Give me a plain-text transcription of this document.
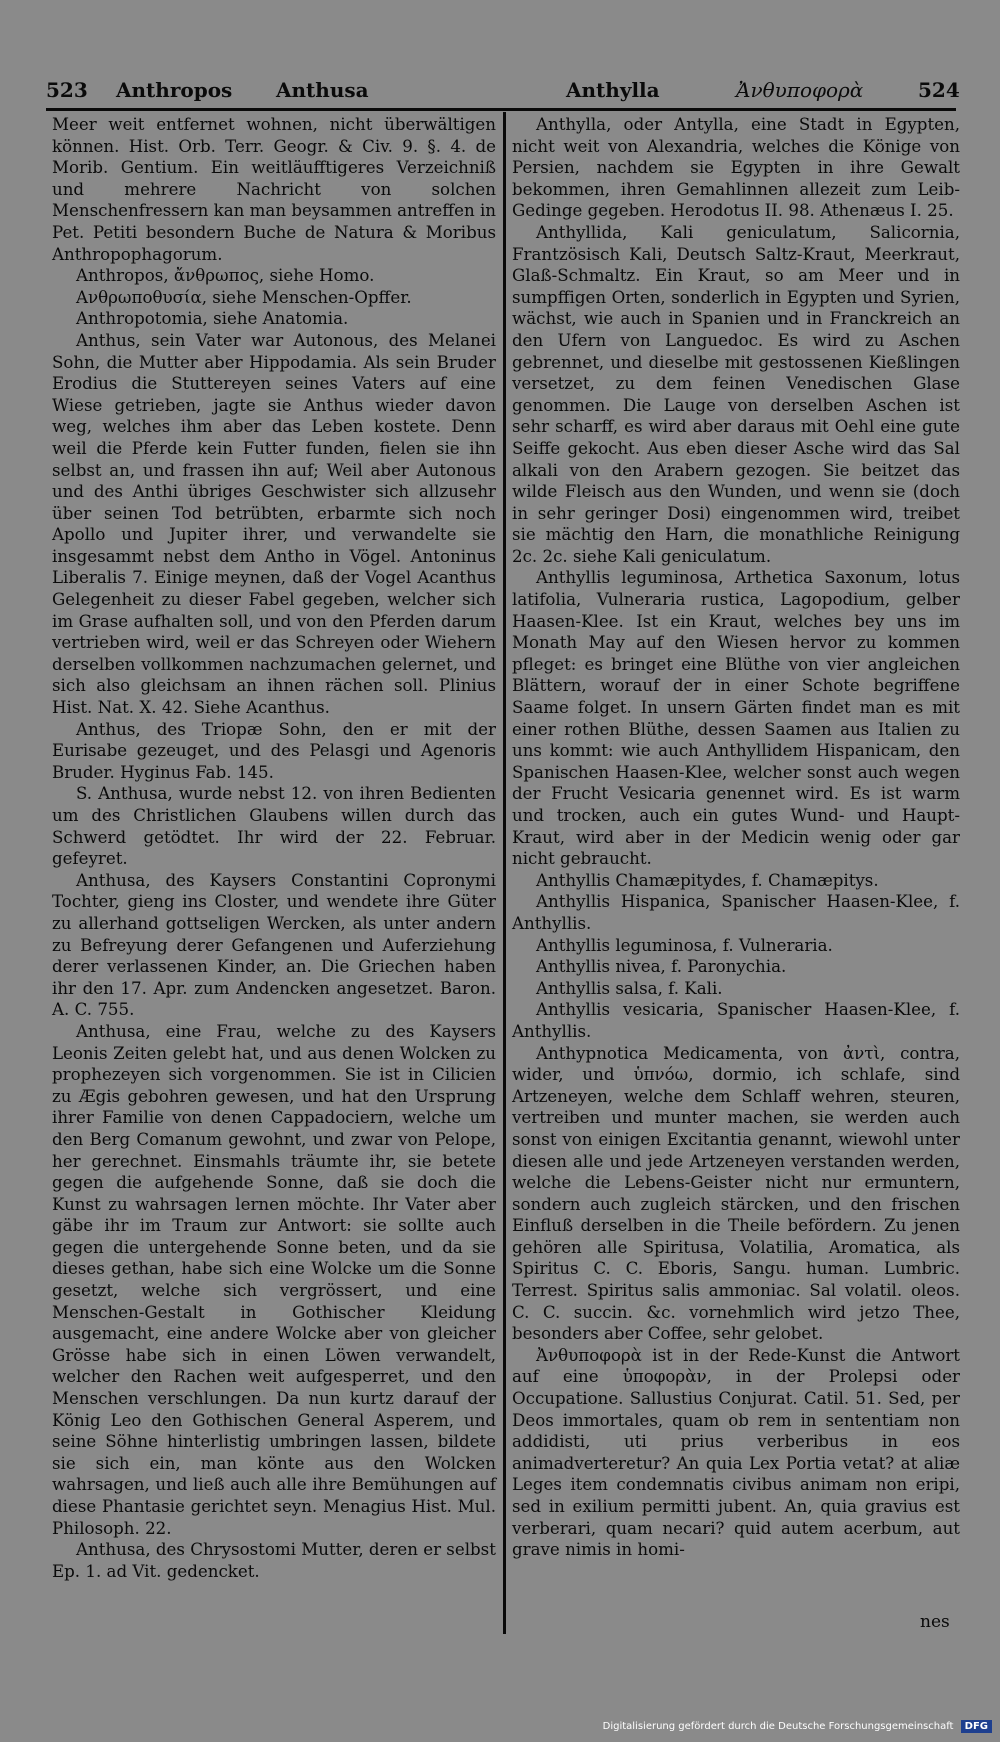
523 Anthropos Anthusa	Anthylla	Ἀνθυποφορὰ	524

Meer weit entfernet wohnen, nicht überwältigen können. Hist. Orb. Terr. Geogr. & Civ. 9. §. 4. de Morib. Gentium. Ein weitläufftigeres Verzeichniß und mehrere Nachricht von solchen Menschenfressern kan man beysammen antreffen in Pet. Petiti besondern Buche de Natura & Moribus Anthropophagorum.

Anthropos, ἄνθρωπος, siehe Homo.

Ανθρωποθυσία, siehe Menschen-Opffer.

Anthropotomia, siehe Anatomia.

Anthus, sein Vater war Autonous, des Melanei Sohn, die Mutter aber Hippodamia. Als sein Bruder Erodius die Stuttereyen seines Vaters auf eine Wiese getrieben, jagte sie Anthus wieder davon weg, welches ihm aber das Leben kostete. Denn weil die Pferde kein Futter funden, fielen sie ihn selbst an, und frassen ihn auf; Weil aber Autonous und des Anthi übriges Geschwister sich allzusehr über seinen Tod betrübten, erbarmte sich noch Apollo und Jupiter ihrer, und verwandelte sie insgesammt nebst dem Antho in Vögel. Antoninus Liberalis 7. Einige meynen, daß der Vogel Acanthus Gelegenheit zu dieser Fabel gegeben, welcher sich im Grase aufhalten soll, und von den Pferden darum vertrieben wird, weil er das Schreyen oder Wiehern derselben vollkommen nachzumachen gelernet, und sich also gleichsam an ihnen rächen soll. Plinius Hist. Nat. X. 42. Siehe Acanthus.

Anthus, des Triopæ Sohn, den er mit der Eurisabe gezeuget, und des Pelasgi und Agenoris Bruder. Hyginus Fab. 145.

S. Anthusa, wurde nebst 12. von ihren Bedienten um des Christlichen Glaubens willen durch das Schwerd getödtet. Ihr wird der 22. Februar. gefeyret.

Anthusa, des Kaysers Constantini Copronymi Tochter, gieng ins Closter, und wendete ihre Güter zu allerhand gottseligen Wercken, als unter andern zu Befreyung derer Gefangenen und Auferziehung derer verlassenen Kinder, an. Die Griechen haben ihr den 17. Apr. zum Andencken angesetzet. Baron. A. C. 755.

Anthusa, eine Frau, welche zu des Kaysers Leonis Zeiten gelebt hat, und aus denen Wolcken zu prophezeyen sich vorgenommen. Sie ist in Cilicien zu Ægis gebohren gewesen, und hat den Ursprung ihrer Familie von denen Cappadociern, welche um den Berg Comanum gewohnt, und zwar von Pelope, her gerechnet. Einsmahls träumte ihr, sie betete gegen die aufgehende Sonne, daß sie doch die Kunst zu wahrsagen lernen möchte. Ihr Vater aber gäbe ihr im Traum zur Antwort: sie sollte auch gegen die untergehende Sonne beten, und da sie dieses gethan, habe sich eine Wolcke um die Sonne gesetzt, welche sich vergrössert, und eine Menschen-Gestalt in Gothischer Kleidung ausgemacht, eine andere Wolcke aber von gleicher Grösse habe sich in einen Löwen verwandelt, welcher den Rachen weit aufgesperret, und den Menschen verschlungen. Da nun kurtz darauf der König Leo den Gothischen General Asperem, und seine Söhne hinterlistig umbringen lassen, bildete sie sich ein, man könte aus den Wolcken wahrsagen, und ließ auch alle ihre Bemühungen auf diese Phantasie gerichtet seyn. Menagius Hist. Mul. Philosoph. 22.

Anthusa, des Chrysostomi Mutter, deren er selbst Ep. 1. ad Vit. gedencket.

Anthylla, oder Antylla, eine Stadt in Egypten, nicht weit von Alexandria, welches die Könige von Persien, nachdem sie Egypten in ihre Gewalt bekommen, ihren Gemahlinnen allezeit zum Leib-Gedinge gegeben. Herodotus II. 98. Athenæus I. 25.

Anthyllida, Kali geniculatum, Salicornia, Frantzösisch Kali, Deutsch Saltz-Kraut, Meerkraut, Glaß-Schmaltz. Ein Kraut, so am Meer und in sumpffigen Orten, sonderlich in Egypten und Syrien, wächst, wie auch in Spanien und in Franckreich an den Ufern von Languedoc. Es wird zu Aschen gebrennet, und dieselbe mit gestossenen Kießlingen versetzet, zu dem feinen Venedischen Glase genommen. Die Lauge von derselben Aschen ist sehr scharff, es wird aber daraus mit Oehl eine gute Seiffe gekocht. Aus eben dieser Asche wird das Sal alkali von den Arabern gezogen. Sie beitzet das wilde Fleisch aus den Wunden, und wenn sie (doch in sehr geringer Dosi) eingenommen wird, treibet sie mächtig den Harn, die monathliche Reinigung 2c. 2c. siehe Kali geniculatum.

Anthyllis leguminosa, Arthetica Saxonum, lotus latifolia, Vulneraria rustica, Lagopodium, gelber Haasen-Klee. Ist ein Kraut, welches bey uns im Monath May auf den Wiesen hervor zu kommen pfleget: es bringet eine Blüthe von vier angleichen Blättern, worauf der in einer Schote begriffene Saame folget. In unsern Gärten findet man es mit einer rothen Blüthe, dessen Saamen aus Italien zu uns kommt: wie auch Anthyllidem Hispanicam, den Spanischen Haasen-Klee, welcher sonst auch wegen der Frucht Vesicaria genennet wird. Es ist warm und trocken, auch ein gutes Wund- und Haupt-Kraut, wird aber in der Medicin wenig oder gar nicht gebraucht.

Anthyllis Chamæpitydes, f. Chamæpitys.

Anthyllis Hispanica, Spanischer Haasen-Klee, f. Anthyllis.

Anthyllis leguminosa, f. Vulneraria.

Anthyllis nivea, f. Paronychia.

Anthyllis salsa, f. Kali.

Anthyllis vesicaria, Spanischer Haasen-Klee, f. Anthyllis.

Anthypnotica Medicamenta, von ἀντὶ, contra, wider, und ὑπνόω, dormio, ich schlafe, sind Artzeneyen, welche dem Schlaff wehren, steuren, vertreiben und munter machen, sie werden auch sonst von einigen Excitantia genannt, wiewohl unter diesen alle und jede Artzeneyen verstanden werden, welche die Lebens-Geister nicht nur ermuntern, sondern auch zugleich stärcken, und den frischen Einfluß derselben in die Theile befördern. Zu jenen gehören alle Spiritusa, Volatilia, Aromatica, als Spiritus C. C. Eboris, Sangu. human. Lumbric. Terrest. Spiritus salis ammoniac. Sal volatil. oleos. C. C. succin. &c. vornehmlich wird jetzo Thee, besonders aber Coffee, sehr gelobet.

Ἀνθυποφορὰ ist in der Rede-Kunst die Antwort auf eine ὑποφορὰν, in der Prolepsi oder Occupatione. Sallustius Conjurat. Catil. 51. Sed, per Deos immortales, quam ob rem in sententiam non addidisti, uti prius verberibus in eos animadverteretur? An quia Lex Portia vetat? at aliæ Leges item condemnatis civibus animam non eripi, sed in exilium permitti jubent. An, quia gravius est verberari, quam necari? quid autem acerbum, aut grave nimis in homi-

nes
Digitalisierung gefördert durch die Deutsche Forschungsgemeinschaft DFG
